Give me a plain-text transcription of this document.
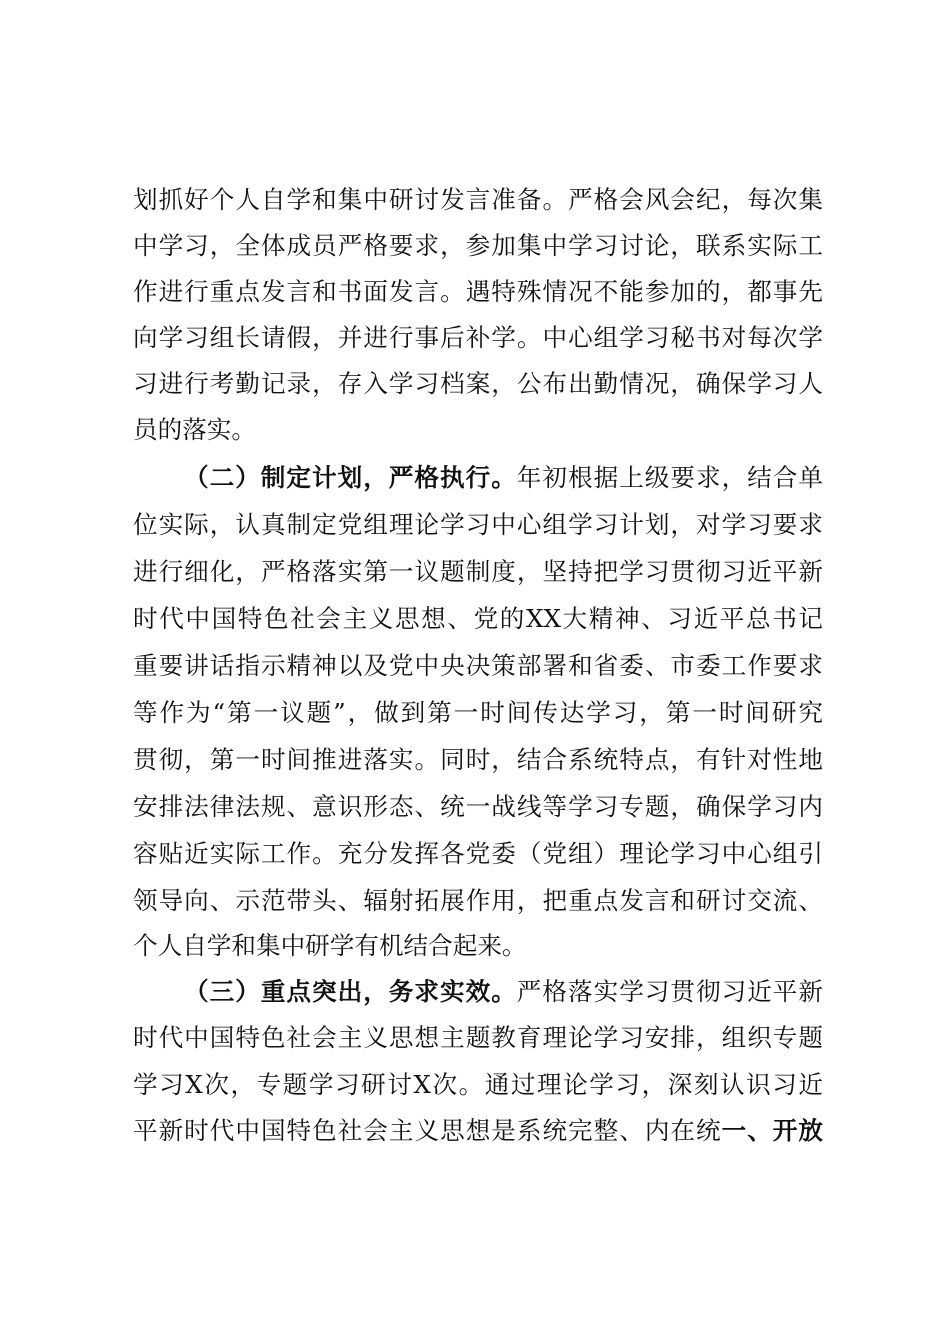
划抓好个人自学和集中研讨发言准备。严格会风会纪，每次集
中学习，全体成员严格要求，参加集中学习讨论，联系实际工
作进行重点发言和书面发言。遇特殊情况不能参加的，都事先
向学习组长请假，并进行事后补学。中心组学习秘书对每次学
习进行考勤记录，存入学习档案，公布出勤情况，确保学习人
员的落实。
（二）制定计划，严格执行。年初根据上级要求，结合单
位实际，认真制定党组理论学习中心组学习计划，对学习要求
进行细化，严格落实第一议题制度，坚持把学习贯彻习近平新
时代中国特色社会主义思想、党的XX大精神、习近平总书记
重要讲话指示精神以及党中央决策部署和省委、市委工作要求
等作为“第一议题”，做到第一时间传达学习，第一时间研究
贯彻，第一时间推进落实。同时，结合系统特点，有针对性地
安排法律法规、意识形态、统一战线等学习专题，确保学习内
容贴近实际工作。充分发挥各党委（党组）理论学习中心组引
领导向、示范带头、辐射拓展作用，把重点发言和研讨交流、
个人自学和集中研学有机结合起来。
（三）重点突出，务求实效。严格落实学习贯彻习近平新
时代中国特色社会主义思想主题教育理论学习安排，组织专题
学习X次，专题学习研讨X次。通过理论学习，深刻认识习近
平新时代中国特色社会主义思想是系统完整、内在统一、开放
